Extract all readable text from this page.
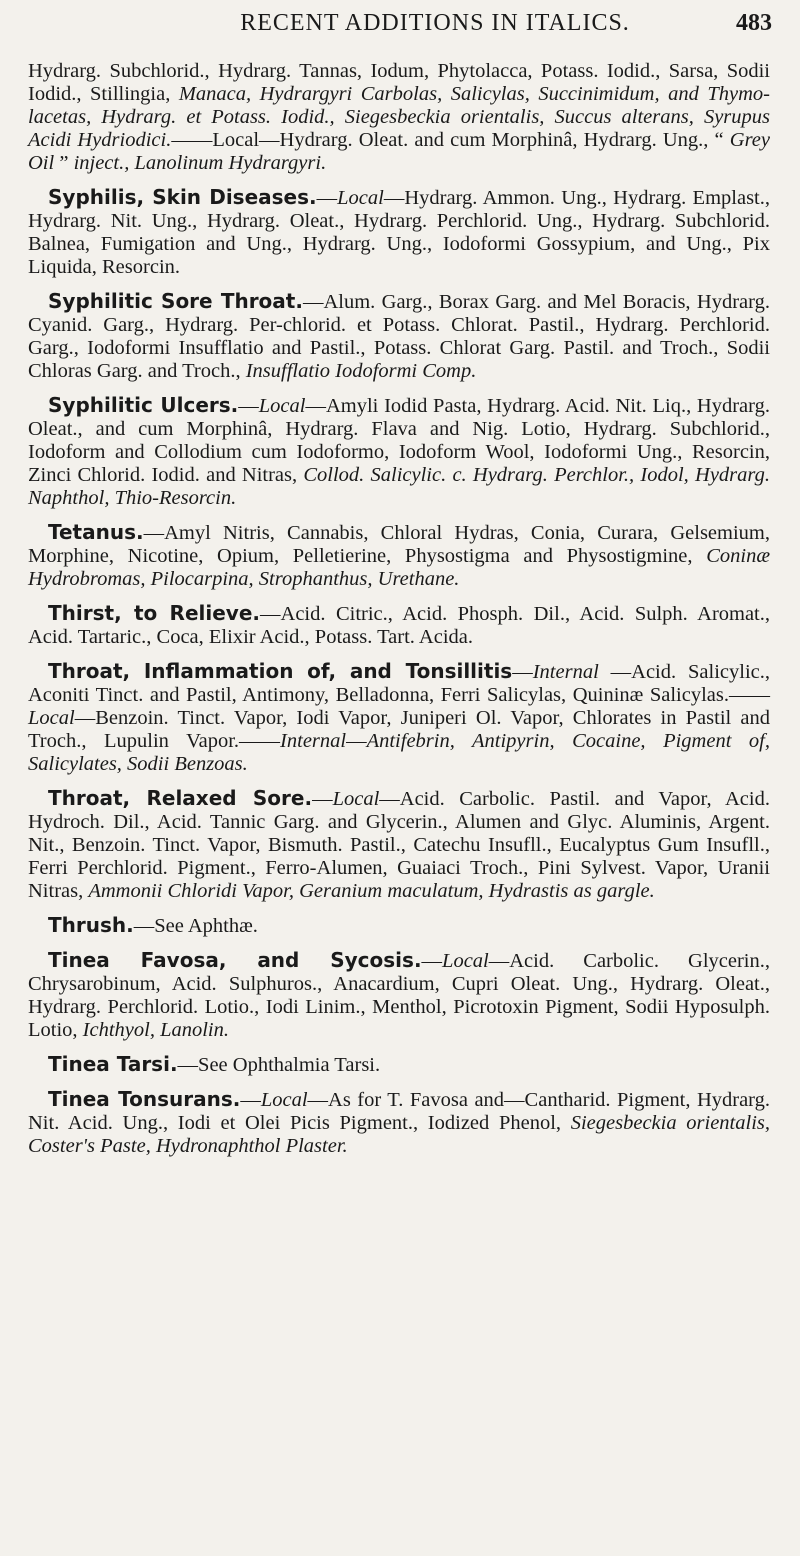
RECENT ADDITIONS IN ITALICS.	483

Hydrarg. Subchlorid., Hydrarg. Tannas, Iodum, Phytolacca, Potass. Iodid., Sarsa, Sodii Iodid., Stillingia, Manaca, Hydrargyri Carbolas, Salicylas, Succinimidum, and Thymo-lacetas, Hydrarg. et Potass. Iodid., Siegesbeckia orientalis, Succus alterans, Syrupus Acidi Hydriodici.——Local—Hydrarg. Oleat. and cum Morphinâ, Hydrarg. Ung., “ Grey Oil ” inject., Lanolinum Hydrargyri.

Syphilis, Skin Diseases.—Local—Hydrarg. Ammon. Ung., Hydrarg. Emplast., Hydrarg. Nit. Ung., Hydrarg. Oleat., Hydrarg. Perchlorid. Ung., Hydrarg. Subchlorid. Balnea, Fumigation and Ung., Hydrarg. Ung., Iodoformi Gossypium, and Ung., Pix Liquida, Resorcin.

Syphilitic Sore Throat.—Alum. Garg., Borax Garg. and Mel Boracis, Hydrarg. Cyanid. Garg., Hydrarg. Per-chlorid. et Potass. Chlorat. Pastil., Hydrarg. Perchlorid. Garg., Iodoformi Insufflatio and Pastil., Potass. Chlorat Garg. Pastil. and Troch., Sodii Chloras Garg. and Troch., Insufflatio Iodoformi Comp.

Syphilitic Ulcers.—Local—Amyli Iodid Pasta, Hydrarg. Acid. Nit. Liq., Hydrarg. Oleat., and cum Morphinâ, Hydrarg. Flava and Nig. Lotio, Hydrarg. Subchlorid., Iodoform and Collodium cum Iodoformo, Iodoform Wool, Iodoformi Ung., Resorcin, Zinci Chlorid. Iodid. and Nitras, Collod. Salicylic. c. Hydrarg. Perchlor., Iodol, Hydrarg. Naphthol, Thio-Resorcin.

Tetanus.—Amyl Nitris, Cannabis, Chloral Hydras, Conia, Curara, Gelsemium, Morphine, Nicotine, Opium, Pelletierine, Physostigma and Physostigmine, Coninæ Hydrobromas, Pilocarpina, Strophanthus, Urethane.

Thirst, to Relieve.—Acid. Citric., Acid. Phosph. Dil., Acid. Sulph. Aromat., Acid. Tartaric., Coca, Elixir Acid., Potass. Tart. Acida.

Throat, Inflammation of, and Tonsillitis—Internal —Acid. Salicylic., Aconiti Tinct. and Pastil, Antimony, Belladonna, Ferri Salicylas, Quininæ Salicylas.——Local—Benzoin. Tinct. Vapor, Iodi Vapor, Juniperi Ol. Vapor, Chlorates in Pastil and Troch., Lupulin Vapor.——Internal—Antifebrin, Antipyrin, Cocaine, Pigment of, Salicylates, Sodii Benzoas.

Throat, Relaxed Sore.—Local—Acid. Carbolic. Pastil. and Vapor, Acid. Hydroch. Dil., Acid. Tannic Garg. and Glycerin., Alumen and Glyc. Aluminis, Argent. Nit., Benzoin. Tinct. Vapor, Bismuth. Pastil., Catechu Insufll., Eucalyptus Gum Insufll., Ferri Perchlorid. Pigment., Ferro-Alumen, Guaiaci Troch., Pini Sylvest. Vapor, Uranii Nitras, Ammonii Chloridi Vapor, Geranium maculatum, Hydrastis as gargle.

Thrush.—See Aphthæ.

Tinea Favosa, and Sycosis.—Local—Acid. Carbolic. Glycerin., Chrysarobinum, Acid. Sulphuros., Anacardium, Cupri Oleat. Ung., Hydrarg. Oleat., Hydrarg. Perchlorid. Lotio., Iodi Linim., Menthol, Picrotoxin Pigment, Sodii Hyposulph. Lotio, Ichthyol, Lanolin.

Tinea Tarsi.—See Ophthalmia Tarsi.

Tinea Tonsurans.—Local—As for T. Favosa and—Cantharid. Pigment, Hydrarg. Nit. Acid. Ung., Iodi et Olei Picis Pigment., Iodized Phenol, Siegesbeckia orientalis, Coster's Paste, Hydronaphthol Plaster.
